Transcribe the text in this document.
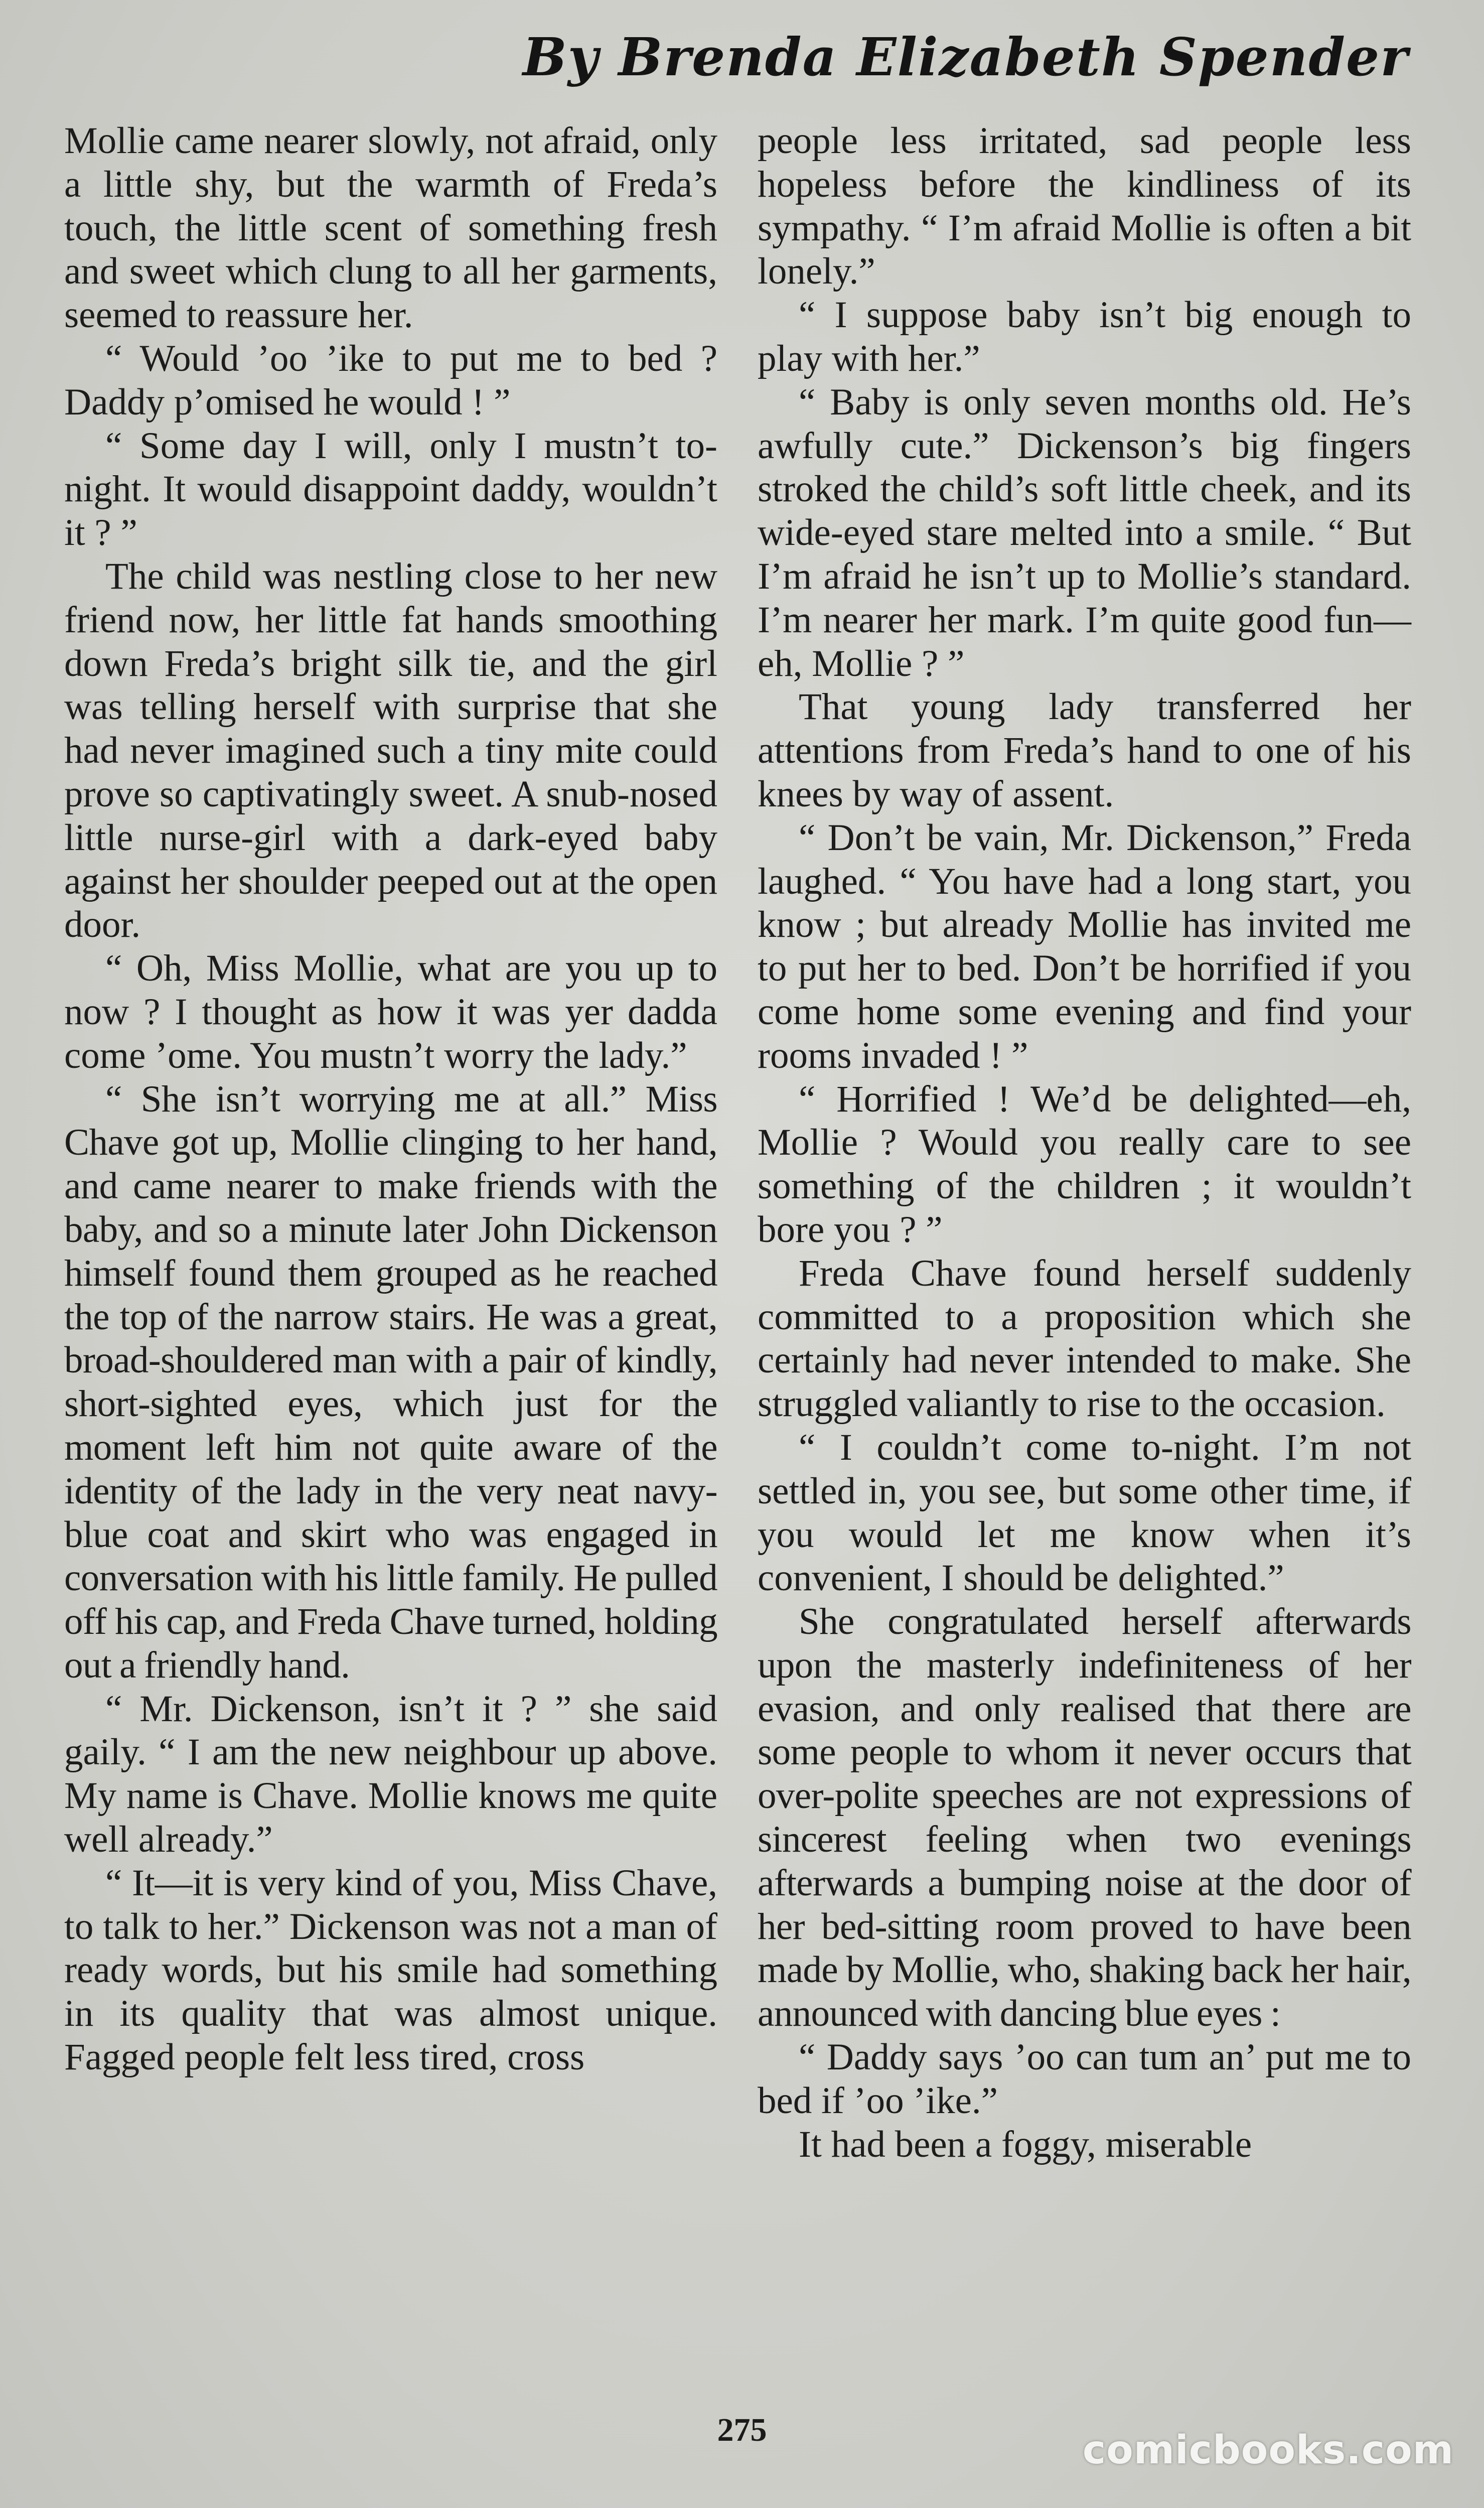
By Brenda Elizabeth Spender

Mollie came nearer slowly, not afraid, only a little shy, but the warmth of Freda’s touch, the little scent of something fresh and sweet which clung to all her garments, seemed to reassure her.

“ Would ’oo ’ike to put me to bed ? Daddy p’omised he would ! ”

“ Some day I will, only I mustn’t to-night. It would disappoint daddy, wouldn’t it ? ”

The child was nestling close to her new friend now, her little fat hands smoothing down Freda’s bright silk tie, and the girl was telling herself with surprise that she had never imagined such a tiny mite could prove so captivatingly sweet. A snub-nosed little nurse-girl with a dark-eyed baby against her shoulder peeped out at the open door.

“ Oh, Miss Mollie, what are you up to now ? I thought as how it was yer dadda come ’ome. You mustn’t worry the lady.”

“ She isn’t worrying me at all.” Miss Chave got up, Mollie clinging to her hand, and came nearer to make friends with the baby, and so a minute later John Dickenson himself found them grouped as he reached the top of the narrow stairs. He was a great, broad-shouldered man with a pair of kindly, short-sighted eyes, which just for the moment left him not quite aware of the identity of the lady in the very neat navy-blue coat and skirt who was engaged in conversation with his little family. He pulled off his cap, and Freda Chave turned, holding out a friendly hand.

“ Mr. Dickenson, isn’t it ? ” she said gaily. “ I am the new neighbour up above. My name is Chave. Mollie knows me quite well already.”

“ It—it is very kind of you, Miss Chave, to talk to her.” Dickenson was not a man of ready words, but his smile had something in its quality that was almost unique. Fagged people felt less tired, cross

people less irritated, sad people less hopeless before the kindliness of its sympathy. “ I’m afraid Mollie is often a bit lonely.”

“ I suppose baby isn’t big enough to play with her.”

“ Baby is only seven months old. He’s awfully cute.” Dickenson’s big fingers stroked the child’s soft little cheek, and its wide-eyed stare melted into a smile. “ But I’m afraid he isn’t up to Mollie’s standard. I’m nearer her mark. I’m quite good fun—eh, Mollie ? ”

That young lady transferred her attentions from Freda’s hand to one of his knees by way of assent.

“ Don’t be vain, Mr. Dickenson,” Freda laughed. “ You have had a long start, you know ; but already Mollie has invited me to put her to bed. Don’t be horrified if you come home some evening and find your rooms invaded ! ”

“ Horrified ! We’d be delighted—eh, Mollie ? Would you really care to see something of the children ; it wouldn’t bore you ? ”

Freda Chave found herself suddenly committed to a proposition which she certainly had never intended to make. She struggled valiantly to rise to the occasion.

“ I couldn’t come to-night. I’m not settled in, you see, but some other time, if you would let me know when it’s convenient, I should be delighted.”

She congratulated herself afterwards upon the masterly indefiniteness of her evasion, and only realised that there are some people to whom it never occurs that over-polite speeches are not expressions of sincerest feeling when two evenings afterwards a bumping noise at the door of her bed-sitting room proved to have been made by Mollie, who, shaking back her hair, announced with dancing blue eyes :

“ Daddy says ’oo can tum an’ put me to bed if ’oo ’ike.”

It had been a foggy, miserable

275	comicbooks.com
